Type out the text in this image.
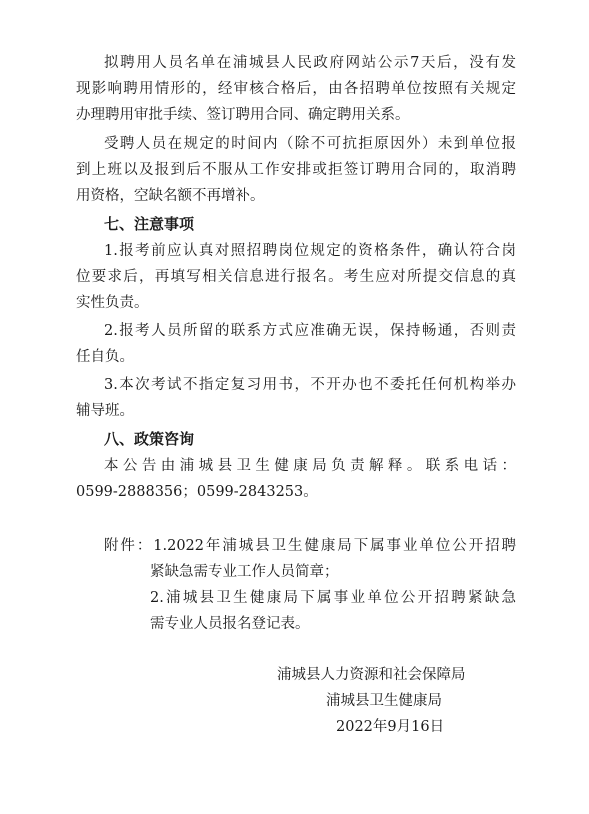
拟聘用人员名单在浦城县人民政府网站公示7天后，没有发
现影响聘用情形的，经审核合格后，由各招聘单位按照有关规定
办理聘用审批手续、签订聘用合同、确定聘用关系。
受聘人员在规定的时间内（除不可抗拒原因外）未到单位报
到上班以及报到后不服从工作安排或拒签订聘用合同的，取消聘
用资格，空缺名额不再增补。
七、注意事项
1.报考前应认真对照招聘岗位规定的资格条件，确认符合岗
位要求后，再填写相关信息进行报名。考生应对所提交信息的真
实性负责。
2.报考人员所留的联系方式应准确无误，保持畅通，否则责
任自负。
3.本次考试不指定复习用书，不开办也不委托任何机构举办
辅导班。
八、政策咨询
本公告由浦城县卫生健康局负责解释。联系电话：
0599-2888356；0599-2843253。
附件：1.2022年浦城县卫生健康局下属事业单位公开招聘
紧缺急需专业工作人员简章；
2.浦城县卫生健康局下属事业单位公开招聘紧缺急
需专业人员报名登记表。
浦城县人力资源和社会保障局
浦城县卫生健康局
2022年9月16日
